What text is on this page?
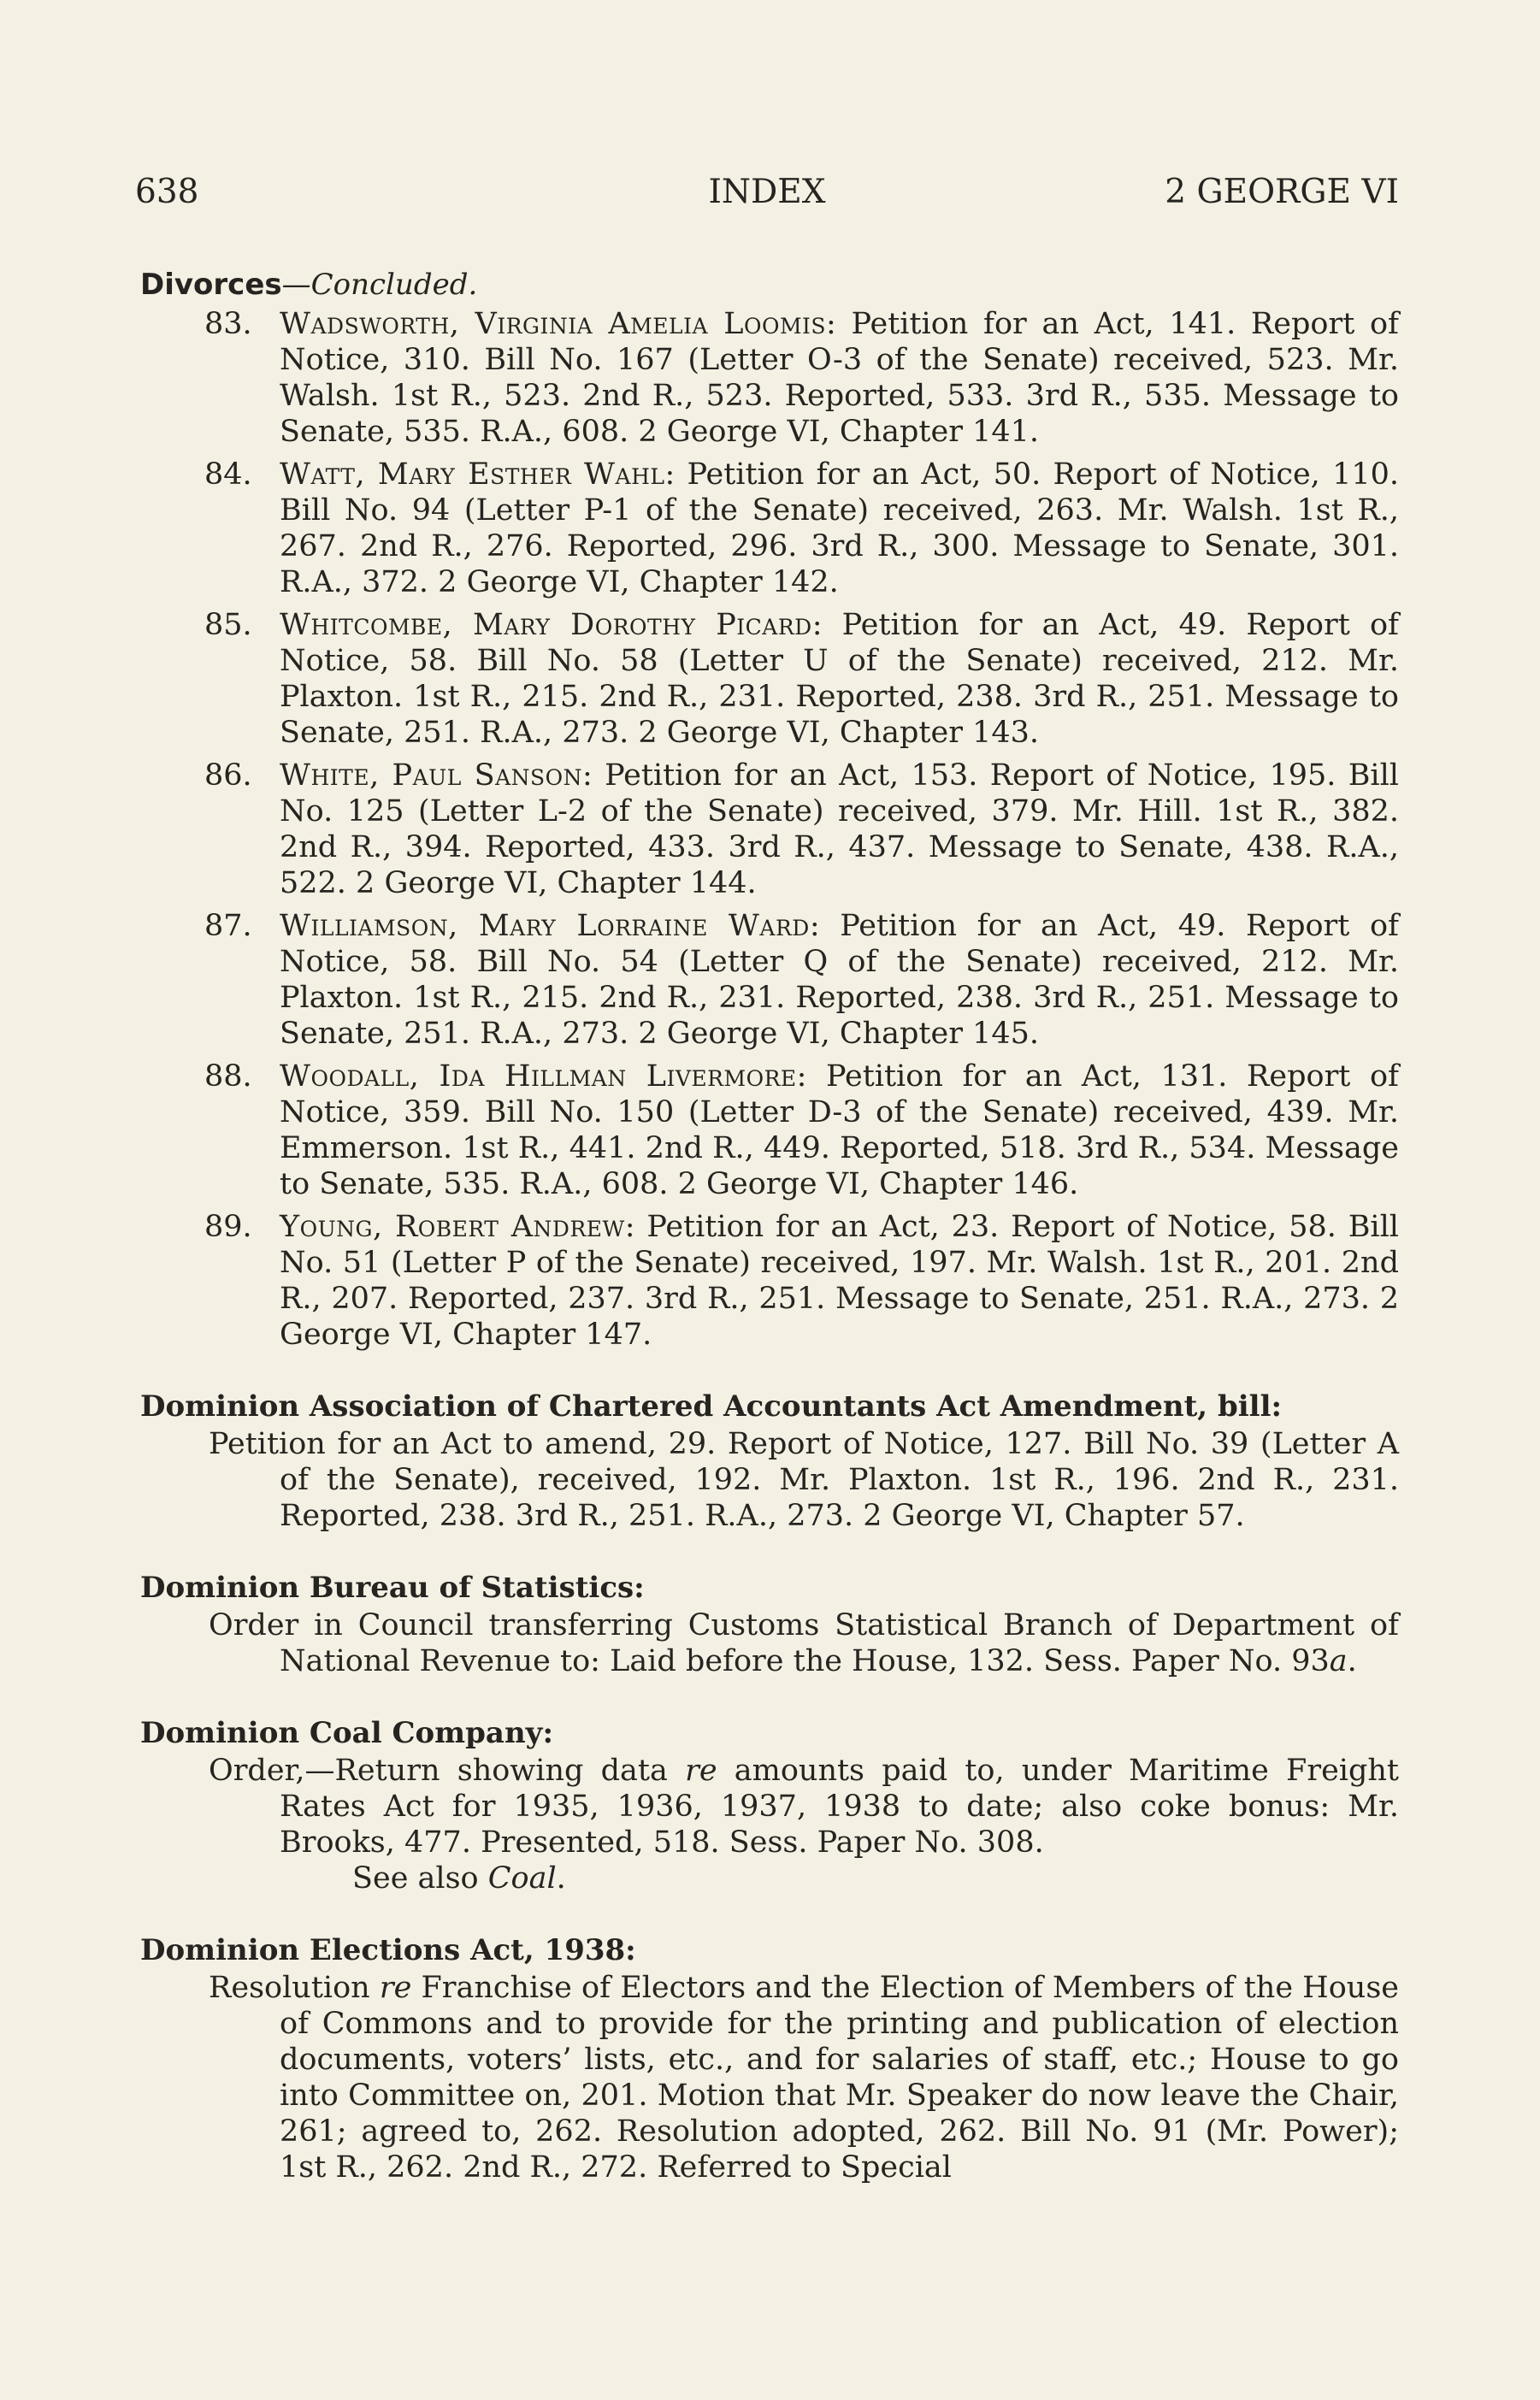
INDEX
638	2 GEORGE VI
Divorces—Concluded.
83. Wadsworth, Virginia Amelia Loomis: Petition for an Act, 141. Report of Notice, 310. Bill No. 167 (Letter O-3 of the Senate) received, 523. Mr. Walsh. 1st R., 523. 2nd R., 523. Reported, 533. 3rd R., 535. Message to Senate, 535. R.A., 608. 2 George VI, Chapter 141.
84. Watt, Mary Esther Wahl: Petition for an Act, 50. Report of Notice, 110. Bill No. 94 (Letter P-1 of the Senate) received, 263. Mr. Walsh. 1st R., 267. 2nd R., 276. Reported, 296. 3rd R., 300. Message to Senate, 301. R.A., 372. 2 George VI, Chapter 142.
85. Whitcombe, Mary Dorothy Picard: Petition for an Act, 49. Report of Notice, 58. Bill No. 58 (Letter U of the Senate) received, 212. Mr. Plaxton. 1st R., 215. 2nd R., 231. Reported, 238. 3rd R., 251. Message to Senate, 251. R.A., 273. 2 George VI, Chapter 143.
86. White, Paul Sanson: Petition for an Act, 153. Report of Notice, 195. Bill No. 125 (Letter L-2 of the Senate) received, 379. Mr. Hill. 1st R., 382. 2nd R., 394. Reported, 433. 3rd R., 437. Message to Senate, 438. R.A., 522. 2 George VI, Chapter 144.
87. Williamson, Mary Lorraine Ward: Petition for an Act, 49. Report of Notice, 58. Bill No. 54 (Letter Q of the Senate) received, 212. Mr. Plaxton. 1st R., 215. 2nd R., 231. Reported, 238. 3rd R., 251. Message to Senate, 251. R.A., 273. 2 George VI, Chapter 145.
88. Woodall, Ida Hillman Livermore: Petition for an Act, 131. Report of Notice, 359. Bill No. 150 (Letter D-3 of the Senate) received, 439. Mr. Emmerson. 1st R., 441. 2nd R., 449. Reported, 518. 3rd R., 534. Message to Senate, 535. R.A., 608. 2 George VI, Chapter 146.
89. Young, Robert Andrew: Petition for an Act, 23. Report of Notice, 58. Bill No. 51 (Letter P of the Senate) received, 197. Mr. Walsh. 1st R., 201. 2nd R., 207. Reported, 237. 3rd R., 251. Message to Senate, 251. R.A., 273. 2 George VI, Chapter 147.
Dominion Association of Chartered Accountants Act Amendment, bill:
Petition for an Act to amend, 29. Report of Notice, 127. Bill No. 39 (Letter A of the Senate), received, 192. Mr. Plaxton. 1st R., 196. 2nd R., 231. Reported, 238. 3rd R., 251. R.A., 273. 2 George VI, Chapter 57.
Dominion Bureau of Statistics:
Order in Council transferring Customs Statistical Branch of Department of National Revenue to: Laid before the House, 132. Sess. Paper No. 93a.
Dominion Coal Company:
Order,—Return showing data re amounts paid to, under Maritime Freight Rates Act for 1935, 1936, 1937, 1938 to date; also coke bonus: Mr. Brooks, 477. Presented, 518. Sess. Paper No. 308.
See also Coal.
Dominion Elections Act, 1938:
Resolution re Franchise of Electors and the Election of Members of the House of Commons and to provide for the printing and publication of election documents, voters’ lists, etc., and for salaries of staff, etc.; House to go into Committee on, 201. Motion that Mr. Speaker do now leave the Chair, 261; agreed to, 262. Resolution adopted, 262. Bill No. 91 (Mr. Power); 1st R., 262. 2nd R., 272. Referred to Special
